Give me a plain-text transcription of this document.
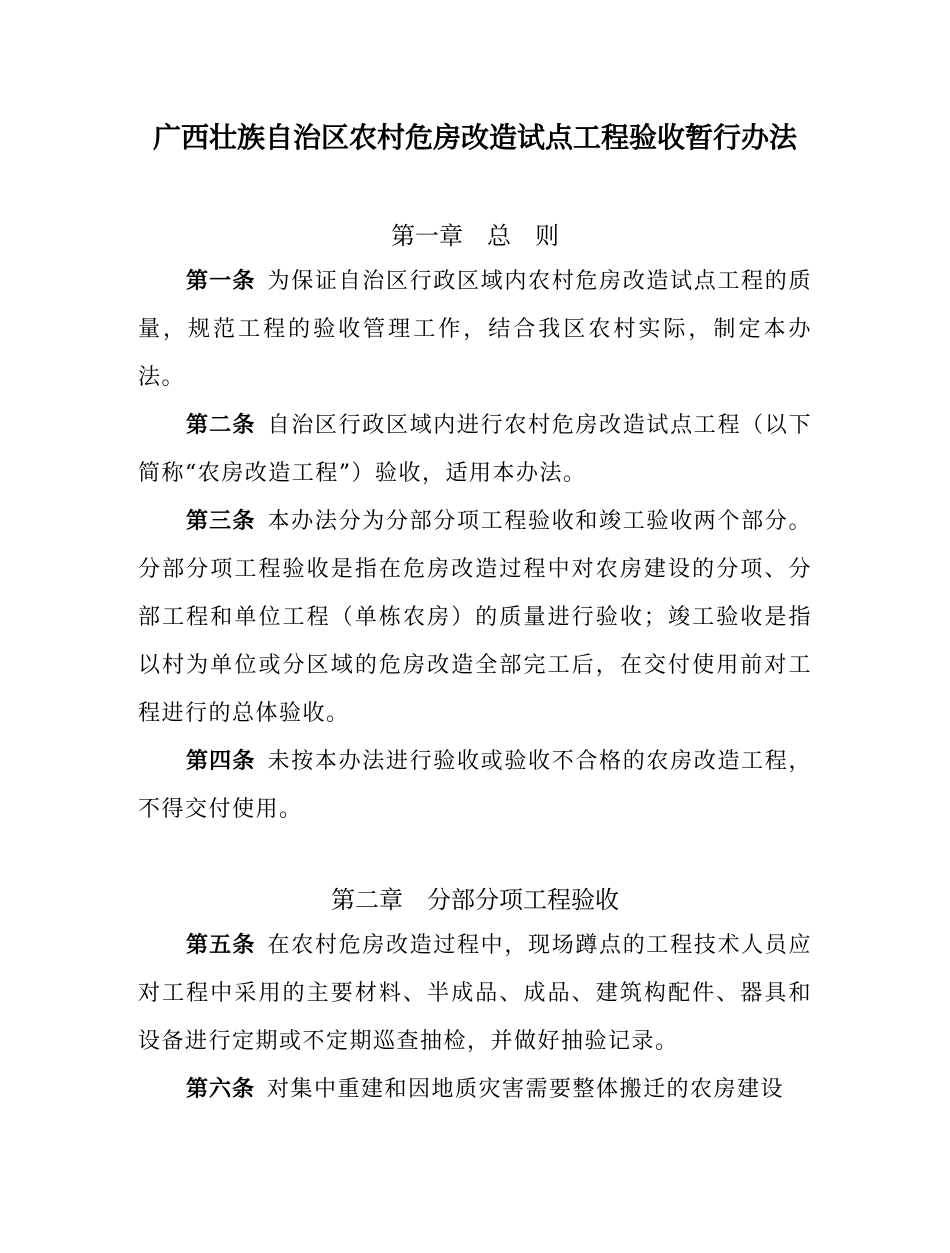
广西壮族自治区农村危房改造试点工程验收暂行办法
第一章 总　则
第一条 为保证自治区行政区域内农村危房改造试点工程的质量，规范工程的验收管理工作，结合我区农村实际，制定本办法。
第二条 自治区行政区域内进行农村危房改造试点工程（以下简称“农房改造工程”）验收，适用本办法。
第三条 本办法分为分部分项工程验收和竣工验收两个部分。分部分项工程验收是指在危房改造过程中对农房建设的分项、分部工程和单位工程（单栋农房）的质量进行验收；竣工验收是指以村为单位或分区域的危房改造全部完工后，在交付使用前对工程进行的总体验收。
第四条 未按本办法进行验收或验收不合格的农房改造工程，不得交付使用。
第二章 分部分项工程验收
第五条 在农村危房改造过程中，现场蹲点的工程技术人员应对工程中采用的主要材料、半成品、成品、建筑构配件、器具和设备进行定期或不定期巡查抽检，并做好抽验记录。
第六条 对集中重建和因地质灾害需要整体搬迁的农房建设
